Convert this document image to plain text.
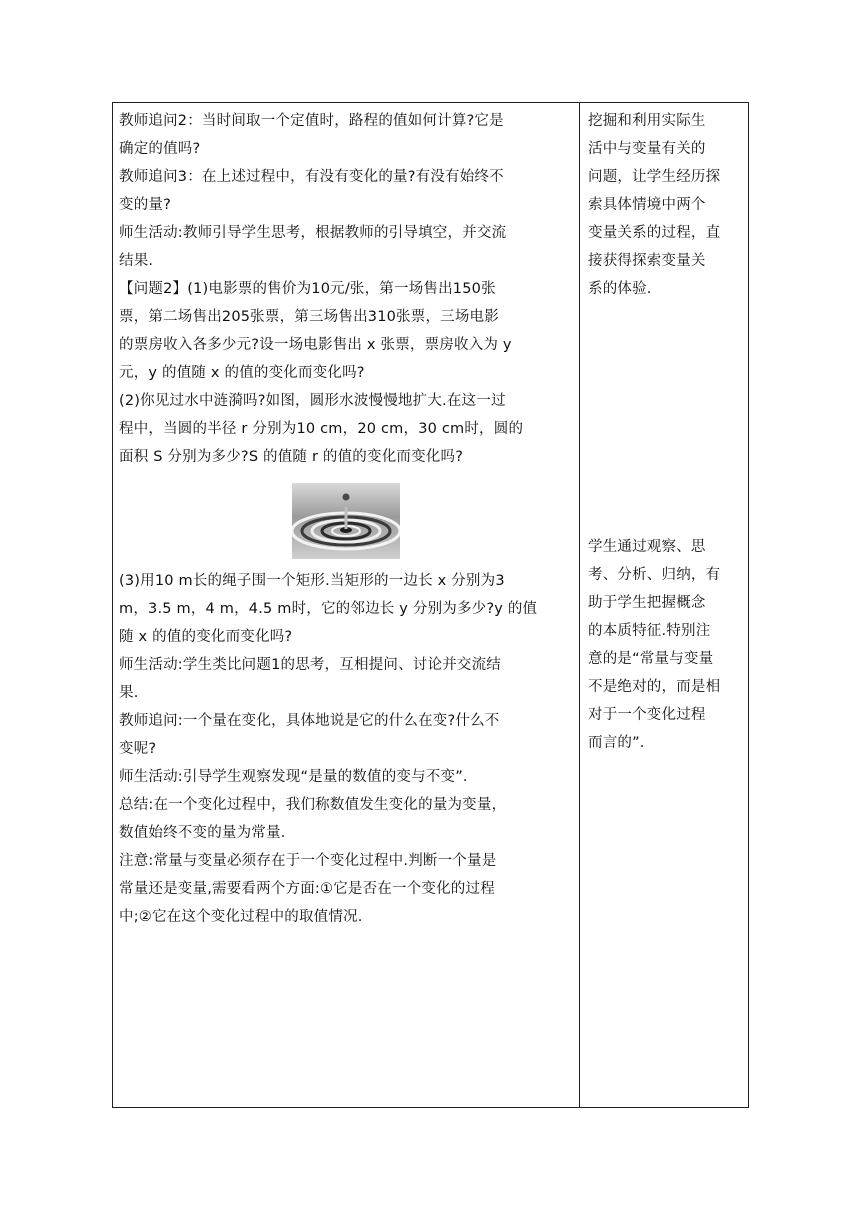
教师追问2：当时间取一个定值时，路程的值如何计算?它是
确定的值吗?
教师追问3：在上述过程中，有没有变化的量?有没有始终不
变的量?
师生活动:教师引导学生思考，根据教师的引导填空，并交流
结果.
【问题2】(1)电影票的售价为10元/张，第一场售出150张
票，第二场售出205张票，第三场售出310张票，三场电影
的票房收入各多少元?设一场电影售出 x 张票，票房收入为 y
元，y 的值随 x 的值的变化而变化吗?
(2)你见过水中涟漪吗?如图，圆形水波慢慢地扩大.在这一过
程中，当圆的半径 r 分别为10 cm，20 cm，30 cm时，圆的
面积 S 分别为多少?S 的值随 r 的值的变化而变化吗?
(3)用10 m长的绳子围一个矩形.当矩形的一边长 x 分别为3
m，3.5 m，4 m，4.5 m时，它的邻边长 y 分别为多少?y 的值
随 x 的值的变化而变化吗?
师生活动:学生类比问题1的思考，互相提问、讨论并交流结
果.
教师追问:一个量在变化，具体地说是它的什么在变?什么不
变呢?
师生活动:引导学生观察发现“是量的数值的变与不变”.
总结:在一个变化过程中，我们称数值发生变化的量为变量，
数值始终不变的量为常量.
注意:常量与变量必须存在于一个变化过程中.判断一个量是
常量还是变量,需要看两个方面:①它是否在一个变化的过程
中;②它在这个变化过程中的取值情况.

挖掘和利用实际生
活中与变量有关的
问题，让学生经历探
索具体情境中两个
变量关系的过程，直
接获得探索变量关
系的体验.
学生通过观察、思
考、分析、归纳，有
助于学生把握概念
的本质特征.特别注
意的是“常量与变量
不是绝对的，而是相
对于一个变化过程
而言的”.
